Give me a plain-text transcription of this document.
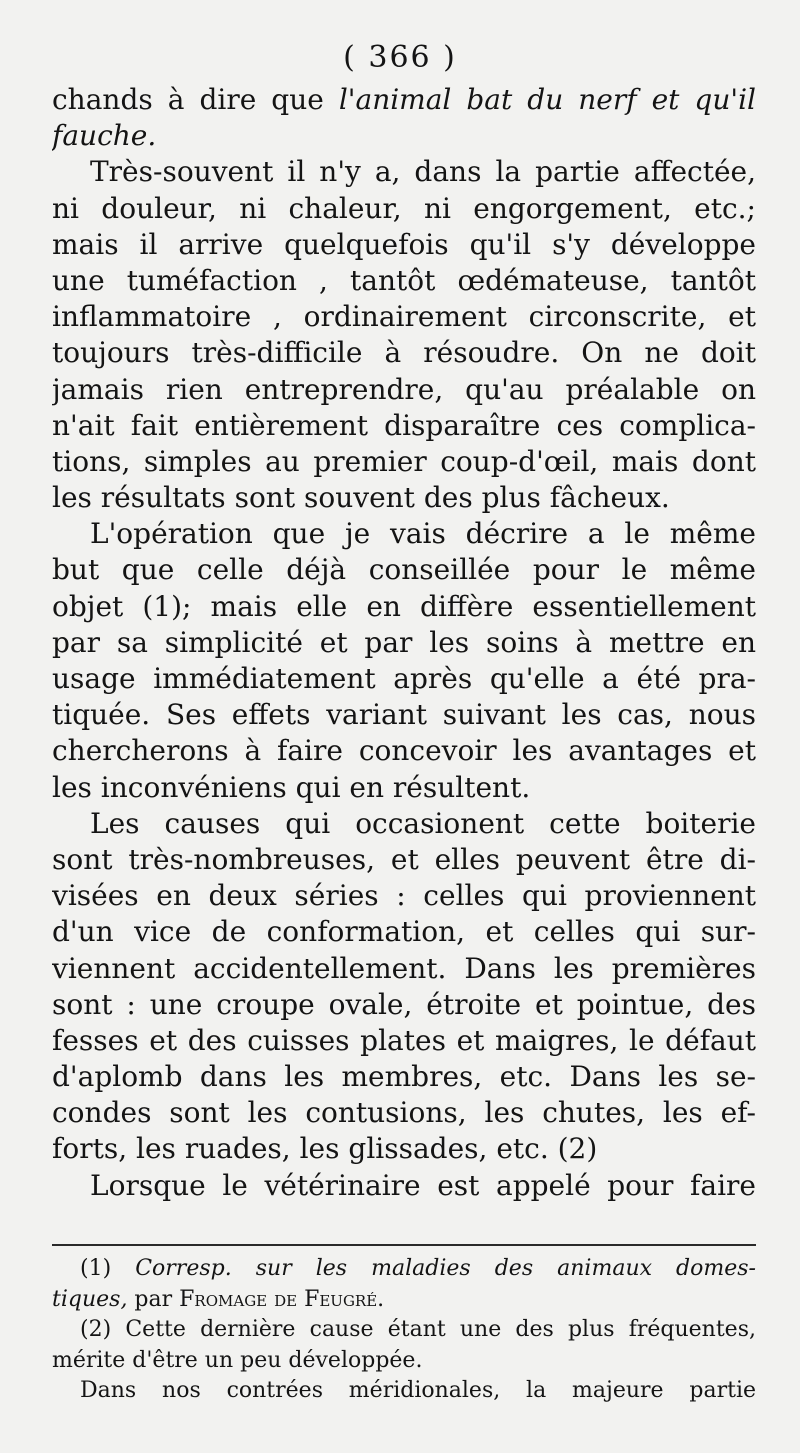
( 366 )
chands à dire que l'animal bat du nerf et qu'il
fauche.
Très-souvent il n'y a, dans la partie affectée,
ni douleur, ni chaleur, ni engorgement, etc.;
mais il arrive quelquefois qu'il s'y développe
une tuméfaction , tantôt œdémateuse, tantôt
inflammatoire , ordinairement circonscrite, et
toujours très-difficile à résoudre. On ne doit
jamais rien entreprendre, qu'au préalable on
n'ait fait entièrement disparaître ces complica-
tions, simples au premier coup-d'œil, mais dont
les résultats sont souvent des plus fâcheux.
L'opération que je vais décrire a le même
but que celle déjà conseillée pour le même
objet (1); mais elle en diffère essentiellement
par sa simplicité et par les soins à mettre en
usage immédiatement après qu'elle a été pra-
tiquée. Ses effets variant suivant les cas, nous
chercherons à faire concevoir les avantages et
les inconvéniens qui en résultent.
Les causes qui occasionent cette boiterie
sont très-nombreuses, et elles peuvent être di-
visées en deux séries : celles qui proviennent
d'un vice de conformation, et celles qui sur-
viennent accidentellement. Dans les premières
sont : une croupe ovale, étroite et pointue, des
fesses et des cuisses plates et maigres, le défaut
d'aplomb dans les membres, etc. Dans les se-
condes sont les contusions, les chutes, les ef-
forts, les ruades, les glissades, etc. (2)
Lorsque le vétérinaire est appelé pour faire
(1) Corresp. sur les maladies des animaux domes-
tiques, par Fromage de Feugré.
(2) Cette dernière cause étant une des plus fréquentes,
mérite d'être un peu développée.
Dans nos contrées méridionales, la majeure partie
